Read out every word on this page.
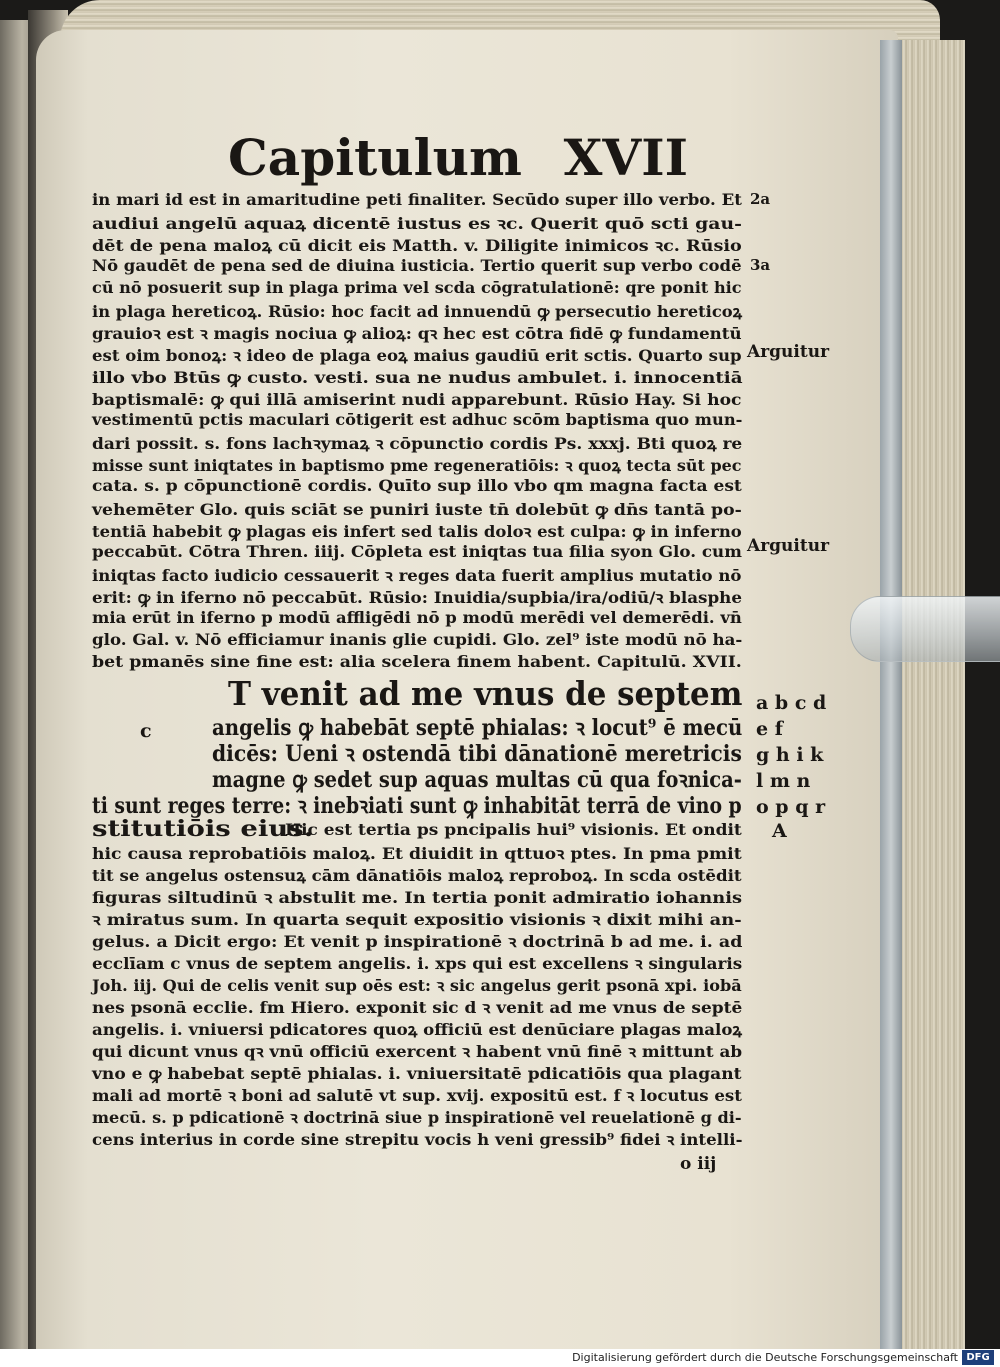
Capitulum XVII
in mari id est in amaritudine peti finaliter. Secūdo super illo verbo. Et
audiui angelū aquaꝝ dicentē iustus es ꝛc. Querit quō scti gau-
dēt de pena maloꝝ cū dicit eis Matth. v. Diligite inimicos ꝛc. Rūsio
Nō gaudēt de pena sed de diuina iusticia. Tertio querit sup verbo codē
cū nō posuerit sup in plaga prima vel scda cōgratulationē: qre ponit hic
in plaga hereticoꝝ. Rūsio: hoc facit ad innuendū ꝙ persecutio hereticoꝝ
grauioꝛ est ꝛ magis nociua ꝙ alioꝝ: qꝛ hec est cōtra fidē ꝙ fundamentū
est oim bonoꝝ: ꝛ ideo de plaga eoꝝ maius gaudiū erit sctis. Quarto sup
illo vbo Btūs ꝙ custo. vesti. sua ne nudus ambulet. i. innocentiā
baptismalē: ꝙ qui illā amiserint nudi apparebunt. Rūsio Hay. Si hoc
vestimentū pctis maculari cōtigerit est adhuc scōm baptisma quo mun-
dari possit. s. fons lachꝛymaꝝ ꝛ cōpunctio cordis Ps. xxxj. Bti quoꝝ re
misse sunt iniqtates in baptismo pme regeneratiōis: ꝛ quoꝝ tecta sūt pec
cata. s. p cōpunctionē cordis. Quīto sup illo vbo qm magna facta est
vehemēter Glo. quis sciāt se puniri iuste tn̄ dolebūt ꝙ dn̄s tantā po-
tentiā habebit ꝙ plagas eis infert sed talis doloꝛ est culpa: ꝙ in inferno
peccabūt. Cōtra Thren. iiij. Cōpleta est iniqtas tua filia syon Glo. cum
iniqtas facto iudicio cessauerit ꝛ reges data fuerit amplius mutatio nō
erit: ꝙ in iferno nō peccabūt. Rūsio: Inuidia/supbia/ira/odiū/ꝛ blasphe
mia erūt in iferno p modū affligēdi nō p modū merēdi vel demerēdi. vn̄
glo. Gal. v. Nō efficiamur inanis glie cupidi. Glo. zel⁹ iste modū nō ha-
bet pmanēs sine fine est: alia scelera finem habent. Capitulū. XVII.
T venit ad me vnus de septem
angelis ꝙ habebāt septē phialas: ꝛ locut⁹ ē mecū
dicēs: Ueni ꝛ ostendā tibi dānationē meretricis
magne ꝙ sedet sup aquas multas cū qua foꝛnica-
ti sunt reges terre: ꝛ inebꝛiati sunt ꝙ inhabitāt terrā de vino p
stitutiōis eius.
Hic est tertia ps pncipalis hui⁹ visionis. Et ondit
hic causa reprobatiōis maloꝝ. Et diuidit in qttuoꝛ ptes. In pma pmit
tit se angelus ostensuꝝ cām dānatiōis maloꝝ reproboꝝ. In scda ostēdit
figuras siltudinū ꝛ abstulit me. In tertia ponit admiratio iohannis
ꝛ miratus sum. In quarta sequit expositio visionis ꝛ dixit mihi an-
gelus. a Dicit ergo: Et venit p inspirationē ꝛ doctrinā b ad me. i. ad
ecclīam c vnus de septem angelis. i. xps qui est excellens ꝛ singularis
Joh. iij. Qui de celis venit sup oēs est: ꝛ sic angelus gerit psonā xpi. iobā
nes psonā ecclie. fm Hiero. exponit sic d ꝛ venit ad me vnus de septē
angelis. i. vniuersi pdicatores quoꝝ officiū est denūciare plagas maloꝝ
qui dicunt vnus qꝛ vnū officiū exercent ꝛ habent vnū finē ꝛ mittunt ab
vno e ꝙ habebat septē phialas. i. vniuersitatē pdicatiōis qua plagant
mali ad mortē ꝛ boni ad salutē vt sup. xvij. expositū est. f ꝛ locutus est
mecū. s. p pdicationē ꝛ doctrinā siue p inspirationē vel reuelationē g di-
cens interius in corde sine strepitu vocis h veni gressib⁹ fidei ꝛ intelli-
o iij
2a
3a
Arguitur
Arguitur
c
a b c d
e f
g h i k
l m n
o p q r
A
Digitalisierung gefördert durch die Deutsche Forschungsgemeinschaft DFG
